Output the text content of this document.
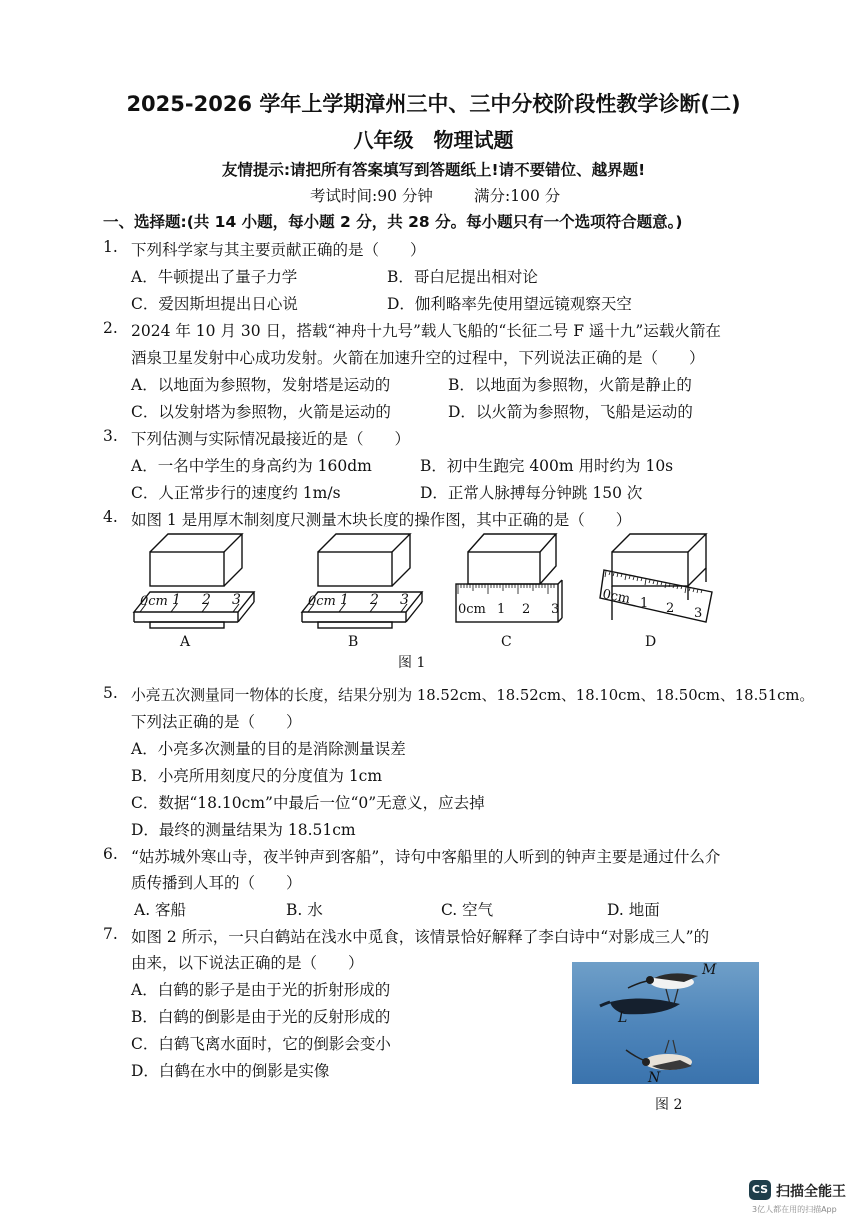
2025-2026 学年上学期漳州三中、三中分校阶段性教学诊断(二)
八年级　物理试题
友情提示:请把所有答案填写到答题纸上!请不要错位、越界题!
考试时间:90 分钟	满分:100 分
一、选择题:(共 14 小题，每小题 2 分，共 28 分。每小题只有一个选项符合题意。)
1. 下列科学家与其主要贡献正确的是（　　）
A．牛顿提出了量子力学	B．哥白尼提出相对论
C．爱因斯坦提出日心说	D．伽利略率先使用望远镜观察天空
2. 2024 年 10 月 30 日，搭载“神舟十九号”载人飞船的“长征二号 F 遥十九”运载火箭在
酒泉卫星发射中心成功发射。火箭在加速升空的过程中，下列说法正确的是（　　）
A．以地面为参照物，发射塔是运动的	B．以地面为参照物，火箭是静止的
C．以发射塔为参照物，火箭是运动的	D．以火箭为参照物，飞船是运动的
3. 下列估测与实际情况最接近的是（　　）
A．一名中学生的身高约为 160dm	B．初中生跑完 400m 用时约为 10s
C．人正常步行的速度约 1m/s	D．正常人脉搏每分钟跳 150 次
4. 如图 1 是用厚木制刻度尺测量木块长度的操作图，其中正确的是（　　）
0cm 1 2 3
A
0cm 1 2 3
B
0cm 1 2 3
C
0cm 1 2 3
D
图 1
5. 小亮五次测量同一物体的长度，结果分别为 18.52cm、18.52cm、18.10cm、18.50cm、18.51cm。
下列法正确的是（　　）
A．小亮多次测量的目的是消除测量误差
B．小亮所用刻度尺的分度值为 1cm
C．数据“18.10cm”中最后一位“0”无意义，应去掉
D．最终的测量结果为 18.51cm
6. “姑苏城外寒山寺，夜半钟声到客船”，诗句中客船里的人听到的钟声主要是通过什么介
质传播到人耳的（　　）
A. 客船	B. 水	C. 空气	D. 地面
7. 如图 2 所示，一只白鹤站在浅水中觅食，该情景恰好解释了李白诗中“对影成三人”的
由来，以下说法正确的是（　　）
A．白鹤的影子是由于光的折射形成的
B．白鹤的倒影是由于光的反射形成的
C．白鹤飞离水面时，它的倒影会变小
D．白鹤在水中的倒影是实像
M
L
N
图 2
CS 扫描全能王
3亿人都在用的扫描App
